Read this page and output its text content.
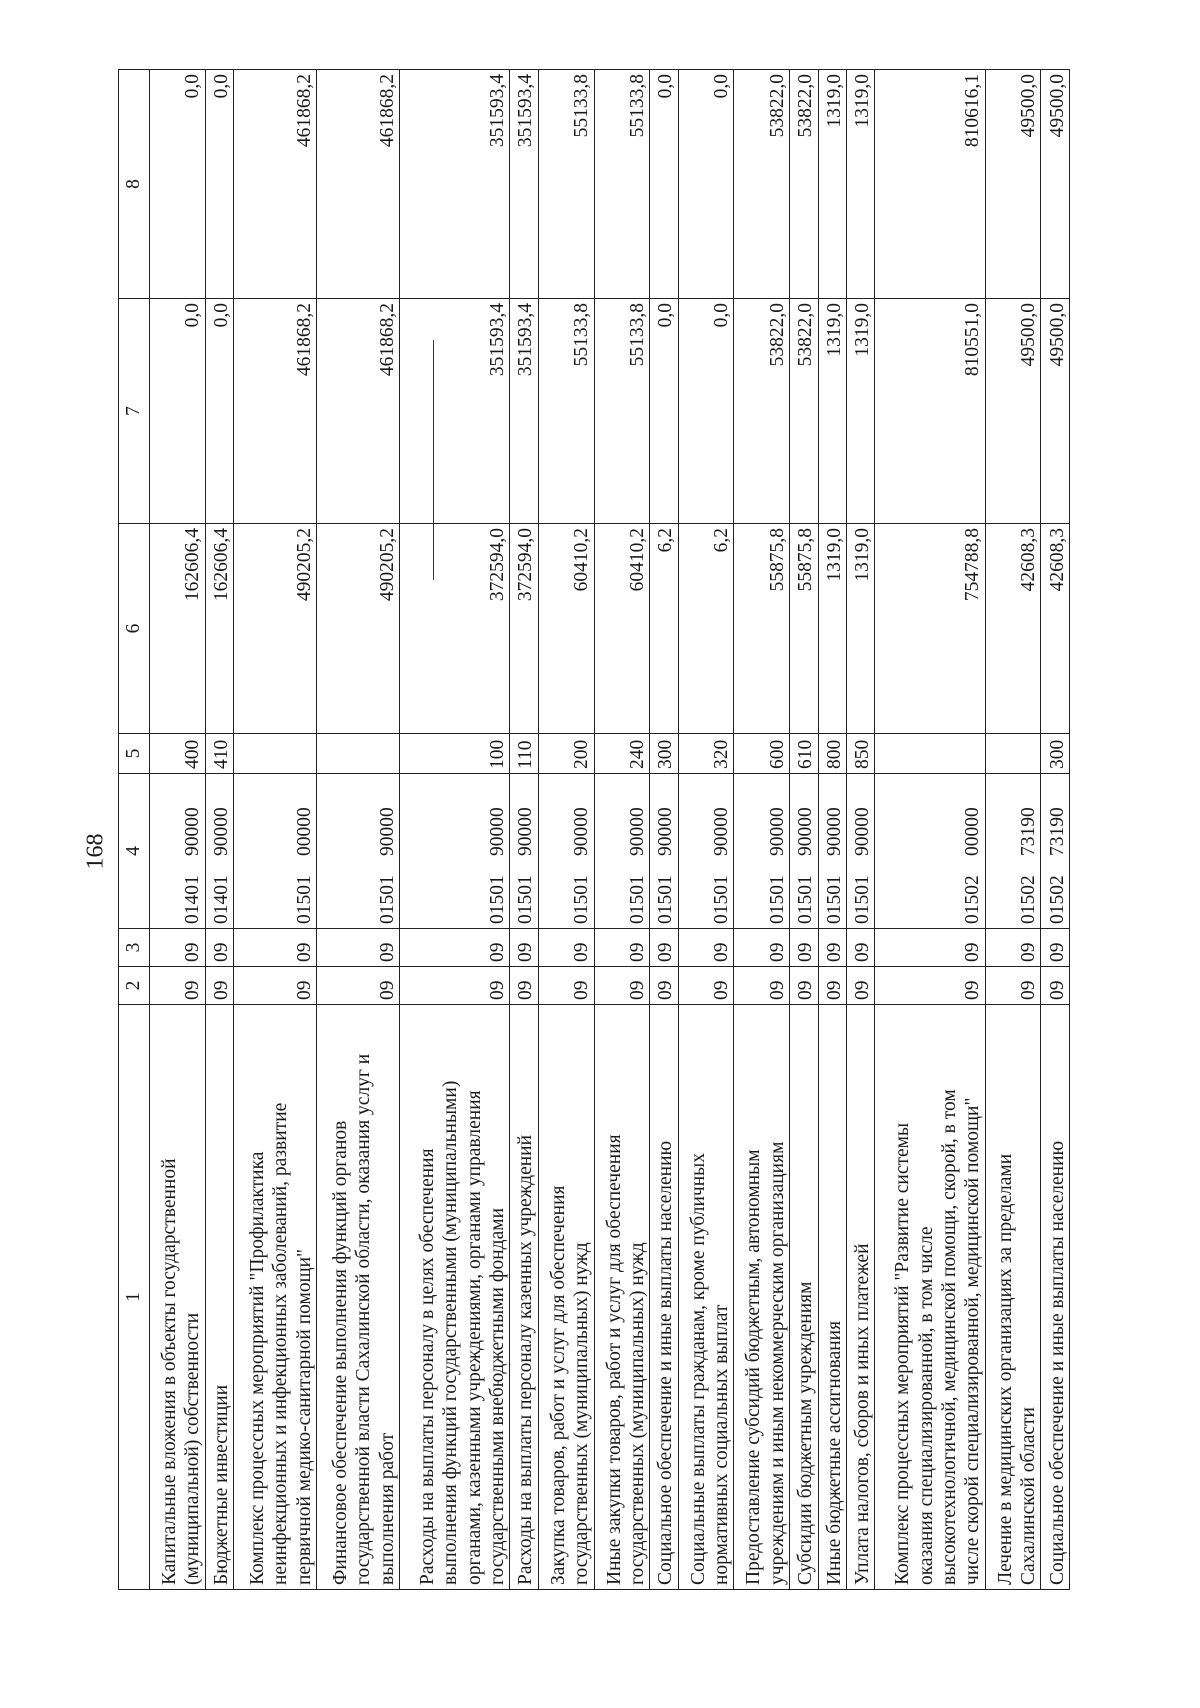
168
1	2	3	4	5	6	7	8
Капитальные вложения в объекты государственной
(муниципальной) собственности	09	09	0140190000	400	162606,4	0,0	0,0
Бюджетные инвестиции	09	09	0140190000	410	162606,4	0,0	0,0
Комплекс процессных мероприятий "Профилактика
неинфекционных и инфекционных заболеваний, развитие
первичной медико-санитарной помощи"	09	09	0150100000		490205,2	461868,2	461868,2
Финансовое обеспечение выполнения функций органов
государственной власти Сахалинской области, оказания услуг и
выполнения работ	09	09	0150190000		490205,2	461868,2	461868,2
Расходы на выплаты персоналу в целях обеспечения
выполнения функций государственными (муниципальными)
органами, казенными учреждениями, органами управления
государственными внебюджетными фондами	09	09	0150190000	100	372594,0	351593,4	351593,4
Расходы на выплаты персоналу казенных учреждений	09	09	0150190000	110	372594,0	351593,4	351593,4
Закупка товаров, работ и услуг для обеспечения
государственных (муниципальных) нужд	09	09	0150190000	200	60410,2	55133,8	55133,8
Иные закупки товаров, работ и услуг для обеспечения
государственных (муниципальных) нужд	09	09	0150190000	240	60410,2	55133,8	55133,8
Социальное обеспечение и иные выплаты населению	09	09	0150190000	300	6,2	0,0	0,0
Социальные выплаты гражданам, кроме публичных
нормативных социальных выплат	09	09	0150190000	320	6,2	0,0	0,0
Предоставление субсидий бюджетным, автономным
учреждениям и иным некоммерческим организациям	09	09	0150190000	600	55875,8	53822,0	53822,0
Субсидии бюджетным учреждениям	09	09	0150190000	610	55875,8	53822,0	53822,0
Иные бюджетные ассигнования	09	09	0150190000	800	1319,0	1319,0	1319,0
Уплата налогов, сборов и иных платежей	09	09	0150190000	850	1319,0	1319,0	1319,0
Комплекс процессных мероприятий "Развитие системы
оказания специализированной, в том числе
высокотехнологичной, медицинской помощи, скорой, в том
числе скорой специализированной, медицинской помощи"	09	09	0150200000		754788,8	810551,0	810616,1
Лечение в медицинских организациях за пределами
Сахалинской области	09	09	0150273190		42608,3	49500,0	49500,0
Социальное обеспечение и иные выплаты населению	09	09	0150273190	300	42608,3	49500,0	49500,0
